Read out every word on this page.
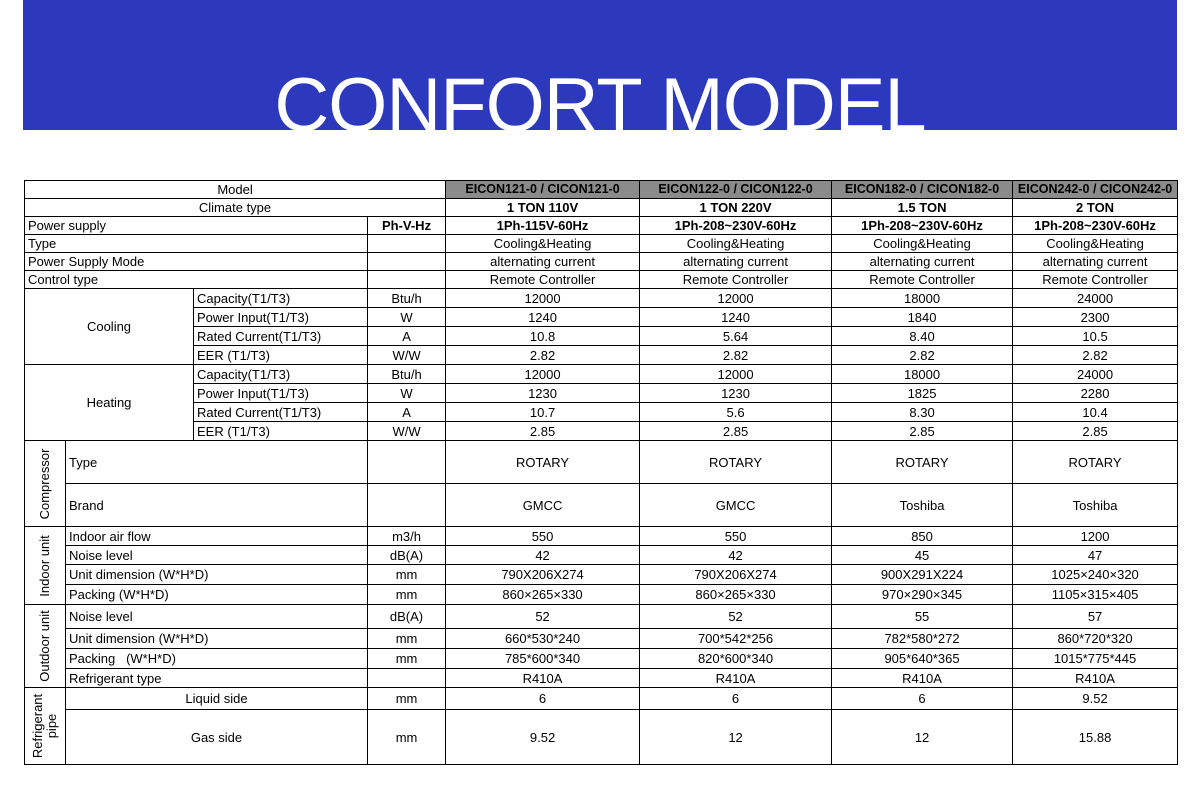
CONFORT MODEL
Model				EICON121-0 / CICON121-0	EICON122-0 / CICON122-0	EICON182-0 / CICON182-0	EICON242-0 / CICON242-0
Climate type				1 TON 110V	1 TON 220V	1.5 TON	2 TON
Power supply			Ph-V-Hz	1Ph-115V-60Hz	1Ph-208~230V-60Hz	1Ph-208~230V-60Hz	1Ph-208~230V-60Hz
Type				Cooling&Heating	Cooling&Heating	Cooling&Heating	Cooling&Heating
Power Supply Mode				alternating current	alternating current	alternating current	alternating current
Control type				Remote Controller	Remote Controller	Remote Controller	Remote Controller
Cooling		Capacity(T1/T3)	Btu/h	12000	12000	18000	24000
		Power Input(T1/T3)	W	1240	1240	1840	2300
		Rated Current(T1/T3)	A	10.8	5.64	8.40	10.5
		EER (T1/T3)	W/W	2.82	2.82	2.82	2.82
Heating		Capacity(T1/T3)	Btu/h	12000	12000	18000	24000
		Power Input(T1/T3)	W	1230	1230	1825	2280
		Rated Current(T1/T3)	A	10.7	5.6	8.30	10.4
		EER (T1/T3)	W/W	2.85	2.85	2.85	2.85

Compressor	Type			ROTARY	ROTARY	ROTARY	ROTARY
	Brand			GMCC	GMCC	Toshiba	Toshiba

Indoor unit	Indoor air flow		m3/h	550	550	850	1200
	Noise level		dB(A)	42	42	45	47
	Unit dimension (W*H*D)		mm	790X206X274	790X206X274	900X291X224	1025×240×320
	Packing (W*H*D)		mm	860×265×330	860×265×330	970×290×345	1105×315×405

Outdoor unit	Noise level		dB(A)	52	52	55	57
	Unit dimension (W*H*D)		mm	660*530*240	700*542*256	782*580*272	860*720*320
	Packing   (W*H*D)		mm	785*600*340	820*600*340	905*640*365	1015*775*445
	Refrigerant type			R410A	R410A	R410A	R410A

Refrigerant pipe	Liquid side		mm	6	6	6	9.52
	Gas side		mm	9.52	12	12	15.88
